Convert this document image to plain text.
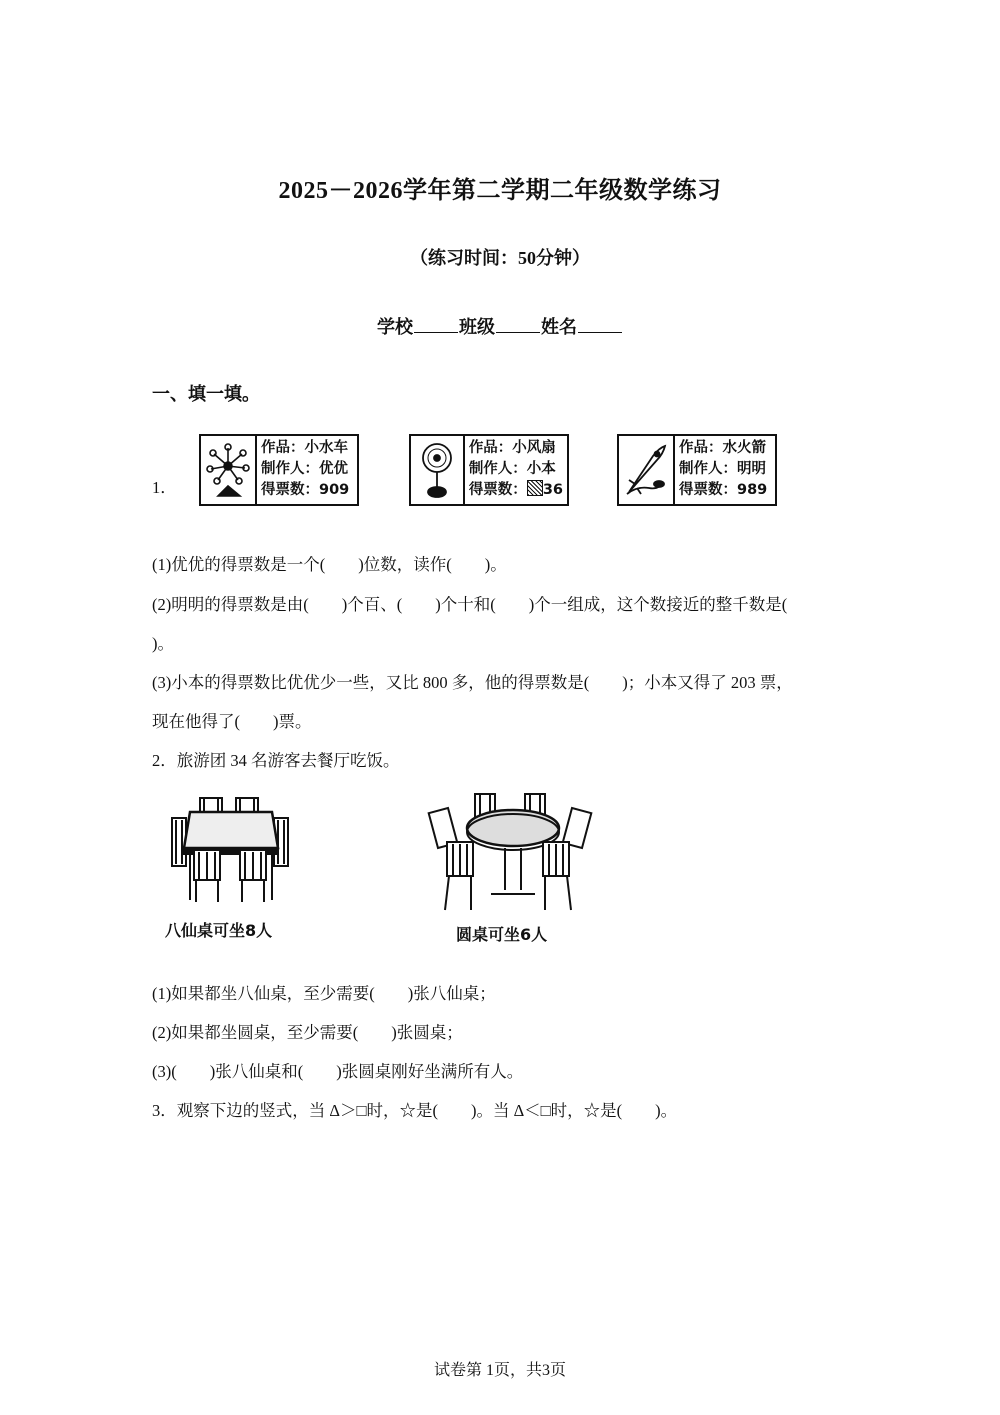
2025－2026学年第二学期二年级数学练习
（练习时间：50分钟）
学校	班级	姓名
一、填一填。
1．
作品：小水车
制作人：优优
得票数：909
作品：小风扇
制作人：小本
得票数： 36
作品：水火箭
制作人：明明
得票数：989
(1)优优的得票数是一个(　　)位数，读作(　　)。
(2)明明的得票数是由(　　)个百、(　　)个十和(　　)个一组成，这个数接近的整千数是(
)。
(3)小本的得票数比优优少一些，又比 800 多，他的得票数是(　　)；小本又得了 203 票，
现在他得了(　　)票。
2．旅游团 34 名游客去餐厅吃饭。
八仙桌可坐8人	圆桌可坐6人
(1)如果都坐八仙桌，至少需要(　　)张八仙桌；
(2)如果都坐圆桌，至少需要(　　)张圆桌；
(3)(　　)张八仙桌和(　　)张圆桌刚好坐满所有人。
3．观察下边的竖式，当 Δ＞□时，☆是(　　)。当 Δ＜□时，☆是(　　)。
试卷第 1页，共3页
